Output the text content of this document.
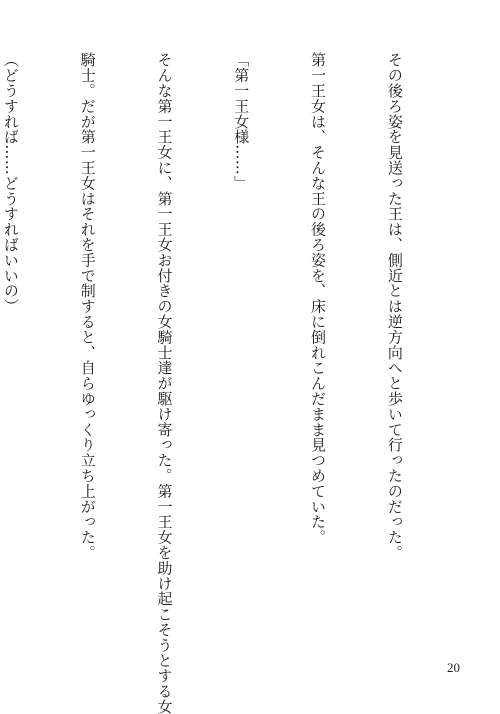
その後ろ姿を見送った王は、側近とは逆方向へと歩いて行ったのだった。

第一王女は、そんな王の後ろ姿を、床に倒れこんだまま見つめていた。

「第一王女様……」

そんな第一王女に、第一王女お付きの女騎士達が駆け寄った。第一王女を助け起こそうとする女

騎士。だが第一王女はそれを手で制すると、自らゆっくり立ち上がった。

（どうすれば……どうすればいいの）

20
